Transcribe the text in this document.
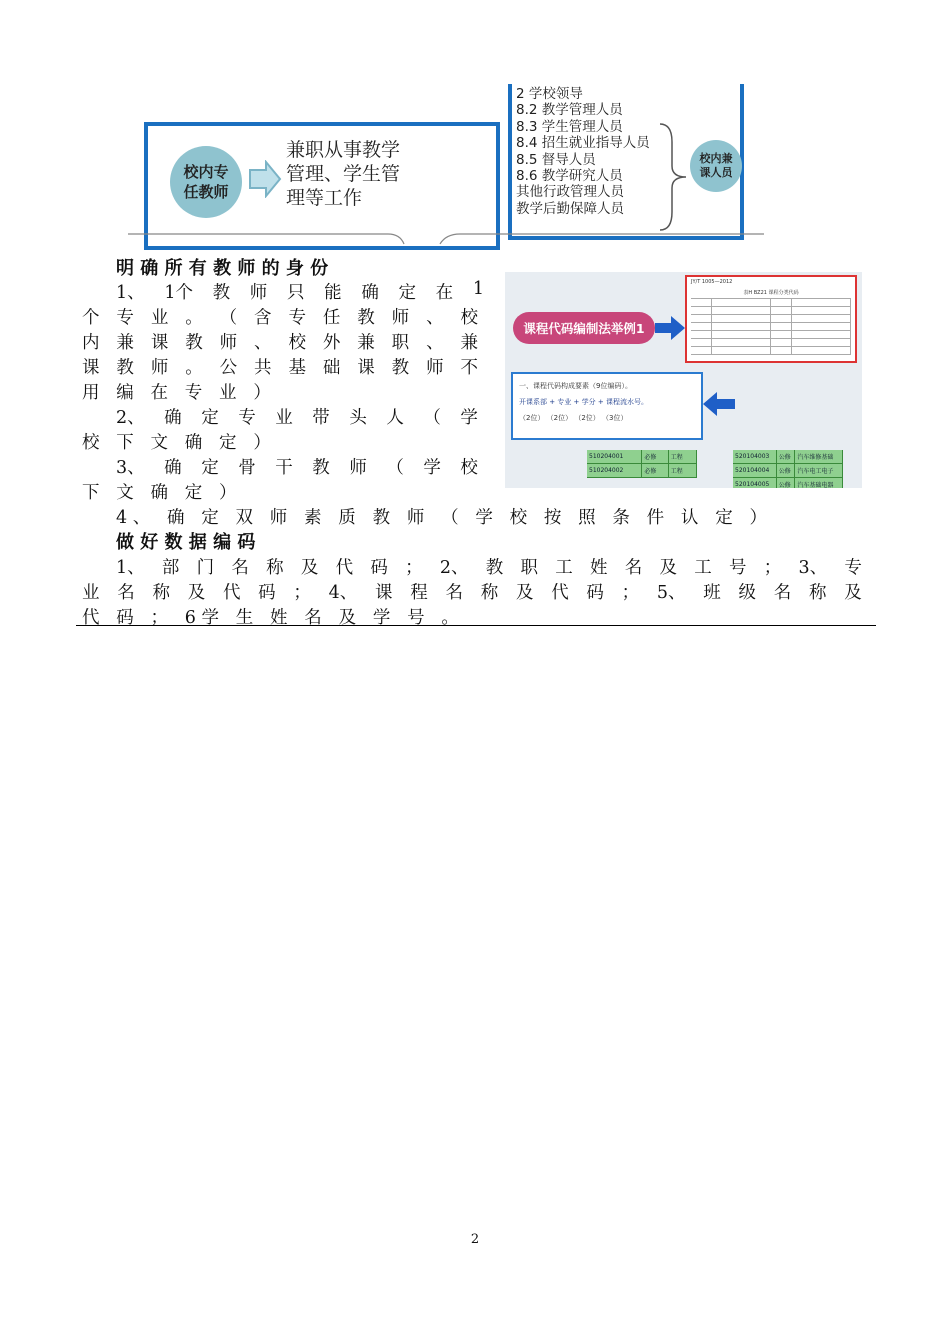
校内专
任教师
兼职从事教学
管理、学生管
理等工作
2 学校领导
8.2 教学管理人员
8.3 学生管理人员
8.4 招生就业指导人员
8.5 督导人员
8.6 教学研究人员
其他行政管理人员
教学后勤保障人员
校内兼
课人员
明 确 所 有 教 师 的 身 份
1、 1个 教 师 只 能 确 定 在 1
个 专 业 。 （ 含 专 任 教 师 、 校
内 兼 课 教 师 、 校 外 兼 职 、 兼
课 教 师 。 公 共 基 础 课 教 师 不
用 编 在 专 业 ）
2、 确 定 专 业 带 头 人 （ 学
校 下 文 确 定 ）
3、 确 定 骨 干 教 师 （ 学 校
下 文 确 定 ）
4、 确 定 双 师 素 质 教 师 （ 学 校 按 照 条 件 认 定 ）
JY/T 1005—2012
表H BZ21 课程分类代码
课程代码编制法举例1
一、课程代码构成要素（9位编码）。
开课系部 + 专业 + 学分 + 课程流水号。
（2位） （2位） （2位） （3位）
510204001	必修	工程
510204002	必修	工程
520104003	公修	汽车维修基础
520104004	公修	汽车电工电子
520104005	公修	汽车基础电器
做 好 数 据 编 码
1、 部 门 名 称 及 代 码 ； 2、 教 职 工 姓 名 及 工 号 ； 3、 专
业 名 称 及 代 码 ； 4、 课 程 名 称 及 代 码 ； 5、 班 级 名 称 及
代 码 ； 6学 生 姓 名 及 学 号 。
2
